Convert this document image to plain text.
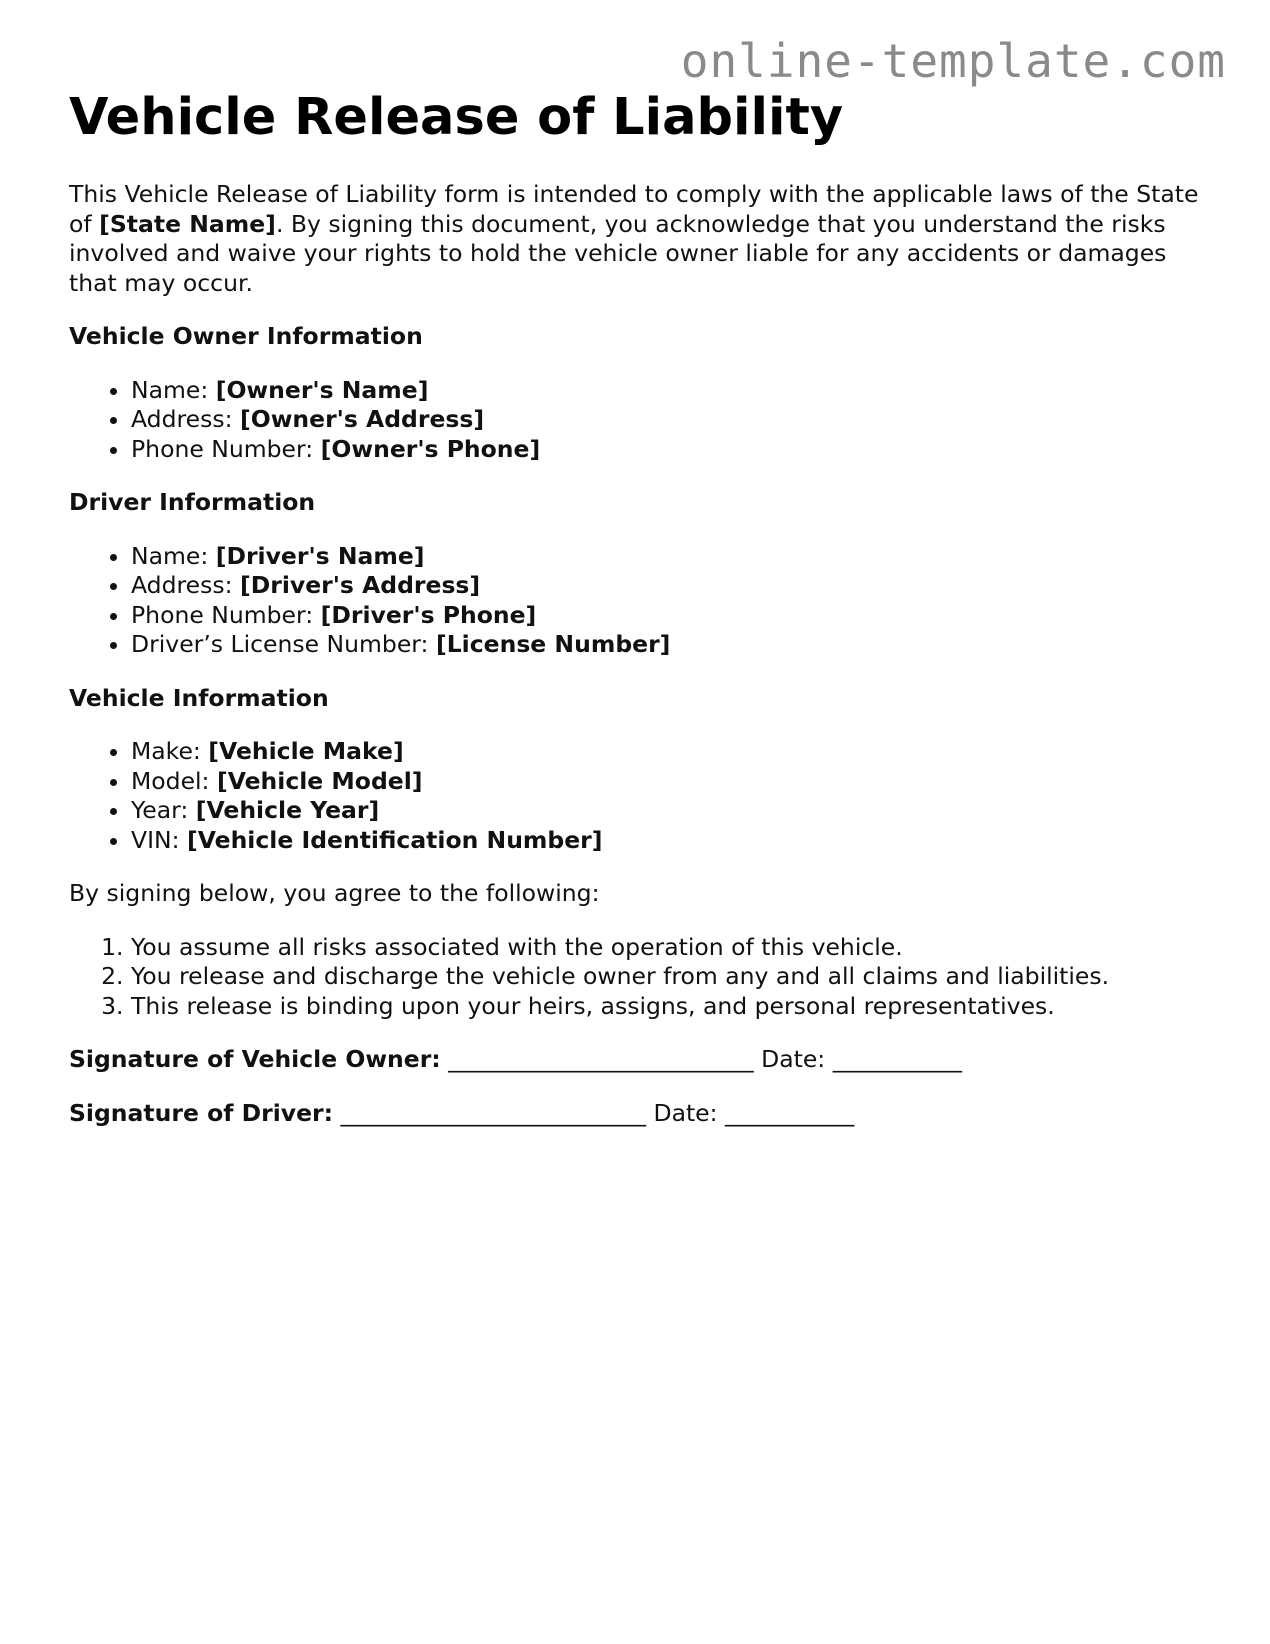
online-template.com
Vehicle Release of Liability

This Vehicle Release of Liability form is intended to comply with the applicable laws of the State of [State Name]. By signing this document, you acknowledge that you understand the risks involved and waive your rights to hold the vehicle owner liable for any accidents or damages that may occur.

Vehicle Owner Information
• Name: [Owner's Name]
• Address: [Owner's Address]
• Phone Number: [Owner's Phone]
Driver Information
• Name: [Driver's Name]
• Address: [Driver's Address]
• Phone Number: [Driver's Phone]
• Driver’s License Number: [License Number]
Vehicle Information
• Make: [Vehicle Make]
• Model: [Vehicle Model]
• Year: [Vehicle Year]
• VIN: [Vehicle Identification Number]

By signing below, you agree to the following:

1. You assume all risks associated with the operation of this vehicle.
2. You release and discharge the vehicle owner from any and all claims and liabilities.
3. This release is binding upon your heirs, assigns, and personal representatives.

Signature of Vehicle Owner: __________________________ Date: ___________

Signature of Driver: __________________________ Date: ___________
